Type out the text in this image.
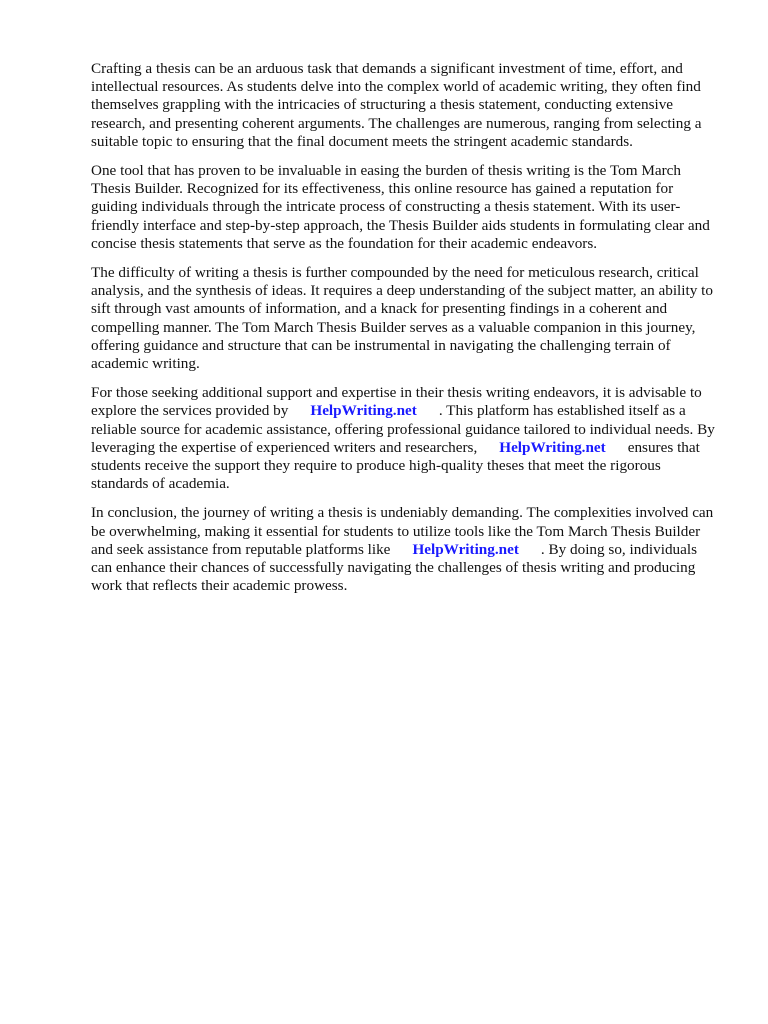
Crafting a thesis can be an arduous task that demands a significant investment of time, effort, and intellectual resources. As students delve into the complex world of academic writing, they often find themselves grappling with the intricacies of structuring a thesis statement, conducting extensive research, and presenting coherent arguments. The challenges are numerous, ranging from selecting a suitable topic to ensuring that the final document meets the stringent academic standards.

One tool that has proven to be invaluable in easing the burden of thesis writing is the Tom March Thesis Builder. Recognized for its effectiveness, this online resource has gained a reputation for guiding individuals through the intricate process of constructing a thesis statement. With its user-friendly interface and step-by-step approach, the Thesis Builder aids students in formulating clear and concise thesis statements that serve as the foundation for their academic endeavors.

The difficulty of writing a thesis is further compounded by the need for meticulous research, critical analysis, and the synthesis of ideas. It requires a deep understanding of the subject matter, an ability to sift through vast amounts of information, and a knack for presenting findings in a coherent and compelling manner. The Tom March Thesis Builder serves as a valuable companion in this journey, offering guidance and structure that can be instrumental in navigating the challenging terrain of academic writing.

For those seeking additional support and expertise in their thesis writing endeavors, it is advisable to explore the services provided by HelpWriting.net . This platform has established itself as a reliable source for academic assistance, offering professional guidance tailored to individual needs. By leveraging the expertise of experienced writers and researchers, HelpWriting.net ensures that students receive the support they require to produce high-quality theses that meet the rigorous standards of academia.

In conclusion, the journey of writing a thesis is undeniably demanding. The complexities involved can be overwhelming, making it essential for students to utilize tools like the Tom March Thesis Builder and seek assistance from reputable platforms like HelpWriting.net . By doing so, individuals can enhance their chances of successfully navigating the challenges of thesis writing and producing work that reflects their academic prowess.
